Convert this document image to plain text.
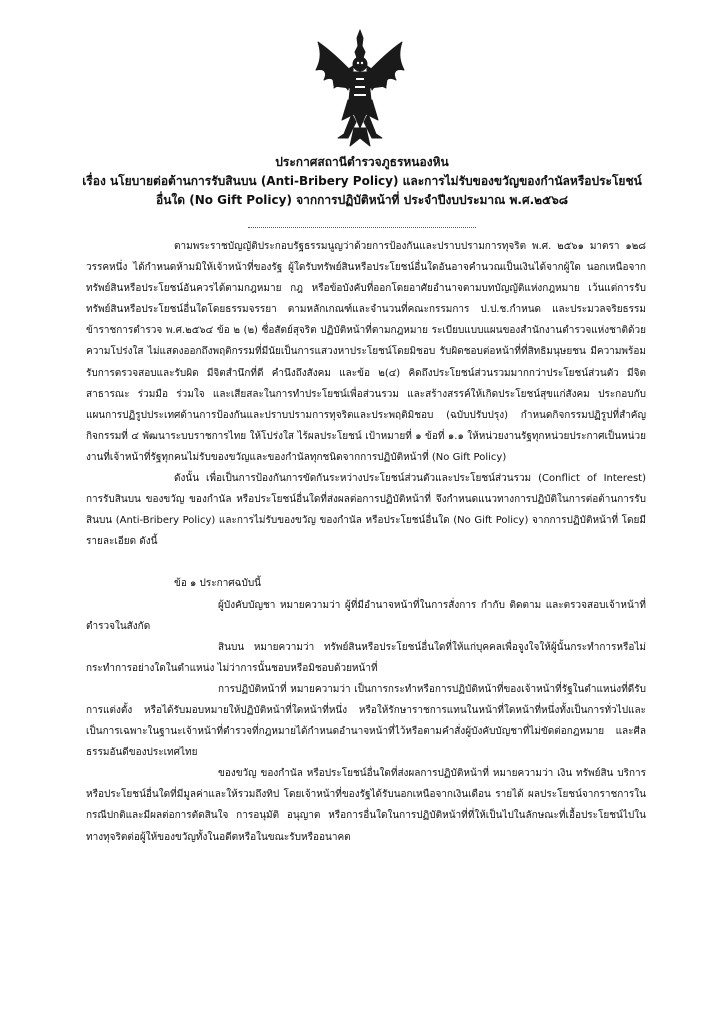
ประกาศสถานีตำรวจภูธรหนองหิน

เรื่อง นโยบายต่อต้านการรับสินบน (Anti-Bribery Policy) และการไม่รับของขวัญของกำนัลหรือประโยชน์

อื่นใด (No Gift Policy) จากการปฏิบัติหน้าที่ ประจำปีงบประมาณ พ.ศ.๒๕๖๘

ตามพระราชบัญญัติประกอบรัฐธรรมนูญว่าด้วยการป้องกันและปราบปรามการทุจริต พ.ศ. ๒๕๖๑ มาตรา ๑๒๘ วรรคหนึ่ง ได้กำหนดห้ามมิให้เจ้าหน้าที่ของรัฐ ผู้ใดรับทรัพย์สินหรือประโยชน์อื่นใดอันอาจคำนวณเป็นเงินได้จากผู้ใด นอกเหนือจากทรัพย์สินหรือประโยชน์อันควรได้ตามกฎหมาย กฎ หรือข้อบังคับที่ออกโดยอาศัยอำนาจตามบทบัญญัติแห่งกฎหมาย เว้นแต่การรับทรัพย์สินหรือประโยชน์อื่นใดโดยธรรมจรรยา ตามหลักเกณฑ์และจำนวนที่คณะกรรมการ ป.ป.ช.กำหนด และประมวลจริยธรรมข้าราชการตำรวจ พ.ศ.๒๕๖๔ ข้อ ๒ (๒) ซื่อสัตย์สุจริต ปฏิบัติหน้าที่ตามกฎหมาย ระเบียบแบบแผนของสำนักงานตำรวจแห่งชาติด้วยความโปร่งใส ไม่แสดงออกถึงพฤติกรรมที่มีนัยเป็นการแสวงหาประโยชน์โดยมิชอบ รับผิดชอบต่อหน้าที่ที่สิทธิมนุษยชน มีความพร้อมรับการตรวจสอบและรับผิด มีจิตสำนึกที่ดี คำนึงถึงสังคม และข้อ ๒(๔) คิดถึงประโยชน์ส่วนรวมมากกว่าประโยชน์ส่วนตัว มีจิตสาธารณะ ร่วมมือ ร่วมใจ และเสียสละในการทำประโยชน์เพื่อส่วนรวม และสร้างสรรค์ให้เกิดประโยชน์สุขแก่สังคม ประกอบกับแผนการปฏิรูปประเทศด้านการป้องกันและปราบปรามการทุจริตและประพฤติมิชอบ (ฉบับปรับปรุง) กำหนดกิจกรรมปฏิรูปที่สำคัญ กิจกรรมที่ ๔ พัฒนาระบบราชการไทย ให้โปร่งใส ไร้ผลประโยชน์ เป้าหมายที่ ๑ ข้อที่ ๑.๑ ให้หน่วยงานรัฐทุกหน่วยประกาศเป็นหน่วยงานที่เจ้าหน้าที่รัฐทุกคนไม่รับของขวัญและของกำนัลทุกชนิดจากการปฏิบัติหน้าที่ (No Gift Policy)

ดังนั้น เพื่อเป็นการป้องกันการขัดกันระหว่างประโยชน์ส่วนตัวและประโยชน์ส่วนรวม (Conflict of Interest) การรับสินบน ของขวัญ ของกำนัล หรือประโยชน์อื่นใดที่ส่งผลต่อการปฏิบัติหน้าที่ จึงกำหนดแนวทางการปฏิบัติในการต่อต้านการรับสินบน (Anti-Bribery Policy) และการไม่รับของขวัญ ของกำนัล หรือประโยชน์อื่นใด (No Gift Policy) จากการปฏิบัติหน้าที่ โดยมีรายละเอียด ดังนี้

ข้อ ๑ ประกาศฉบับนี้

ผู้บังคับบัญชา หมายความว่า ผู้ที่มีอำนาจหน้าที่ในการสั่งการ กำกับ ติดตาม และตรวจสอบเจ้าหน้าที่ตำรวจในสังกัด

สินบน หมายความว่า ทรัพย์สินหรือประโยชน์อื่นใดที่ให้แก่บุคคลเพื่อจูงใจให้ผู้นั้นกระทำการหรือไม่กระทำการอย่างใดในตำแหน่ง ไม่ว่าการนั้นชอบหรือมิชอบด้วยหน้าที่

การปฏิบัติหน้าที่ หมายความว่า เป็นการกระทำหรือการปฏิบัติหน้าที่ของเจ้าหน้าที่รัฐในตำแหน่งที่ดีรับการแต่งตั้ง หรือได้รับมอบหมายให้ปฏิบัติหน้าที่ใดหน้าที่หนึ่ง หรือให้รักษาราชการแทนในหน้าที่ใดหน้าที่หนึ่งทั้งเป็นการทั่วไปและเป็นการเฉพาะในฐานะเจ้าหน้าที่ตำรวจที่กฎหมายได้กำหนดอำนาจหน้าที่ไว้หรือตามคำสั่งผู้บังคับบัญชาที่ไม่ขัดต่อกฎหมาย และศีลธรรมอันดีของประเทศไทย

ของขวัญ ของกำนัล หรือประโยชน์อื่นใดที่ส่งผลการปฏิบัติหน้าที่ หมายความว่า เงิน ทรัพย์สิน บริการหรือประโยชน์อื่นใดที่มีมูลค่าและให้รวมถึงทิป โดยเจ้าหน้าที่ของรัฐได้รับนอกเหนือจากเงินเดือน รายได้ ผลประโยชน์จากราชการในกรณีปกติและมีผลต่อการตัดสินใจ การอนุมัติ อนุญาต หรือการอื่นใดในการปฏิบัติหน้าที่ที่ให้เป็นไปในลักษณะที่เอื้อประโยชน์ไปในทางทุจริตต่อผู้ให้ของขวัญทั้งในอดีตหรือในขณะรับหรืออนาคต
